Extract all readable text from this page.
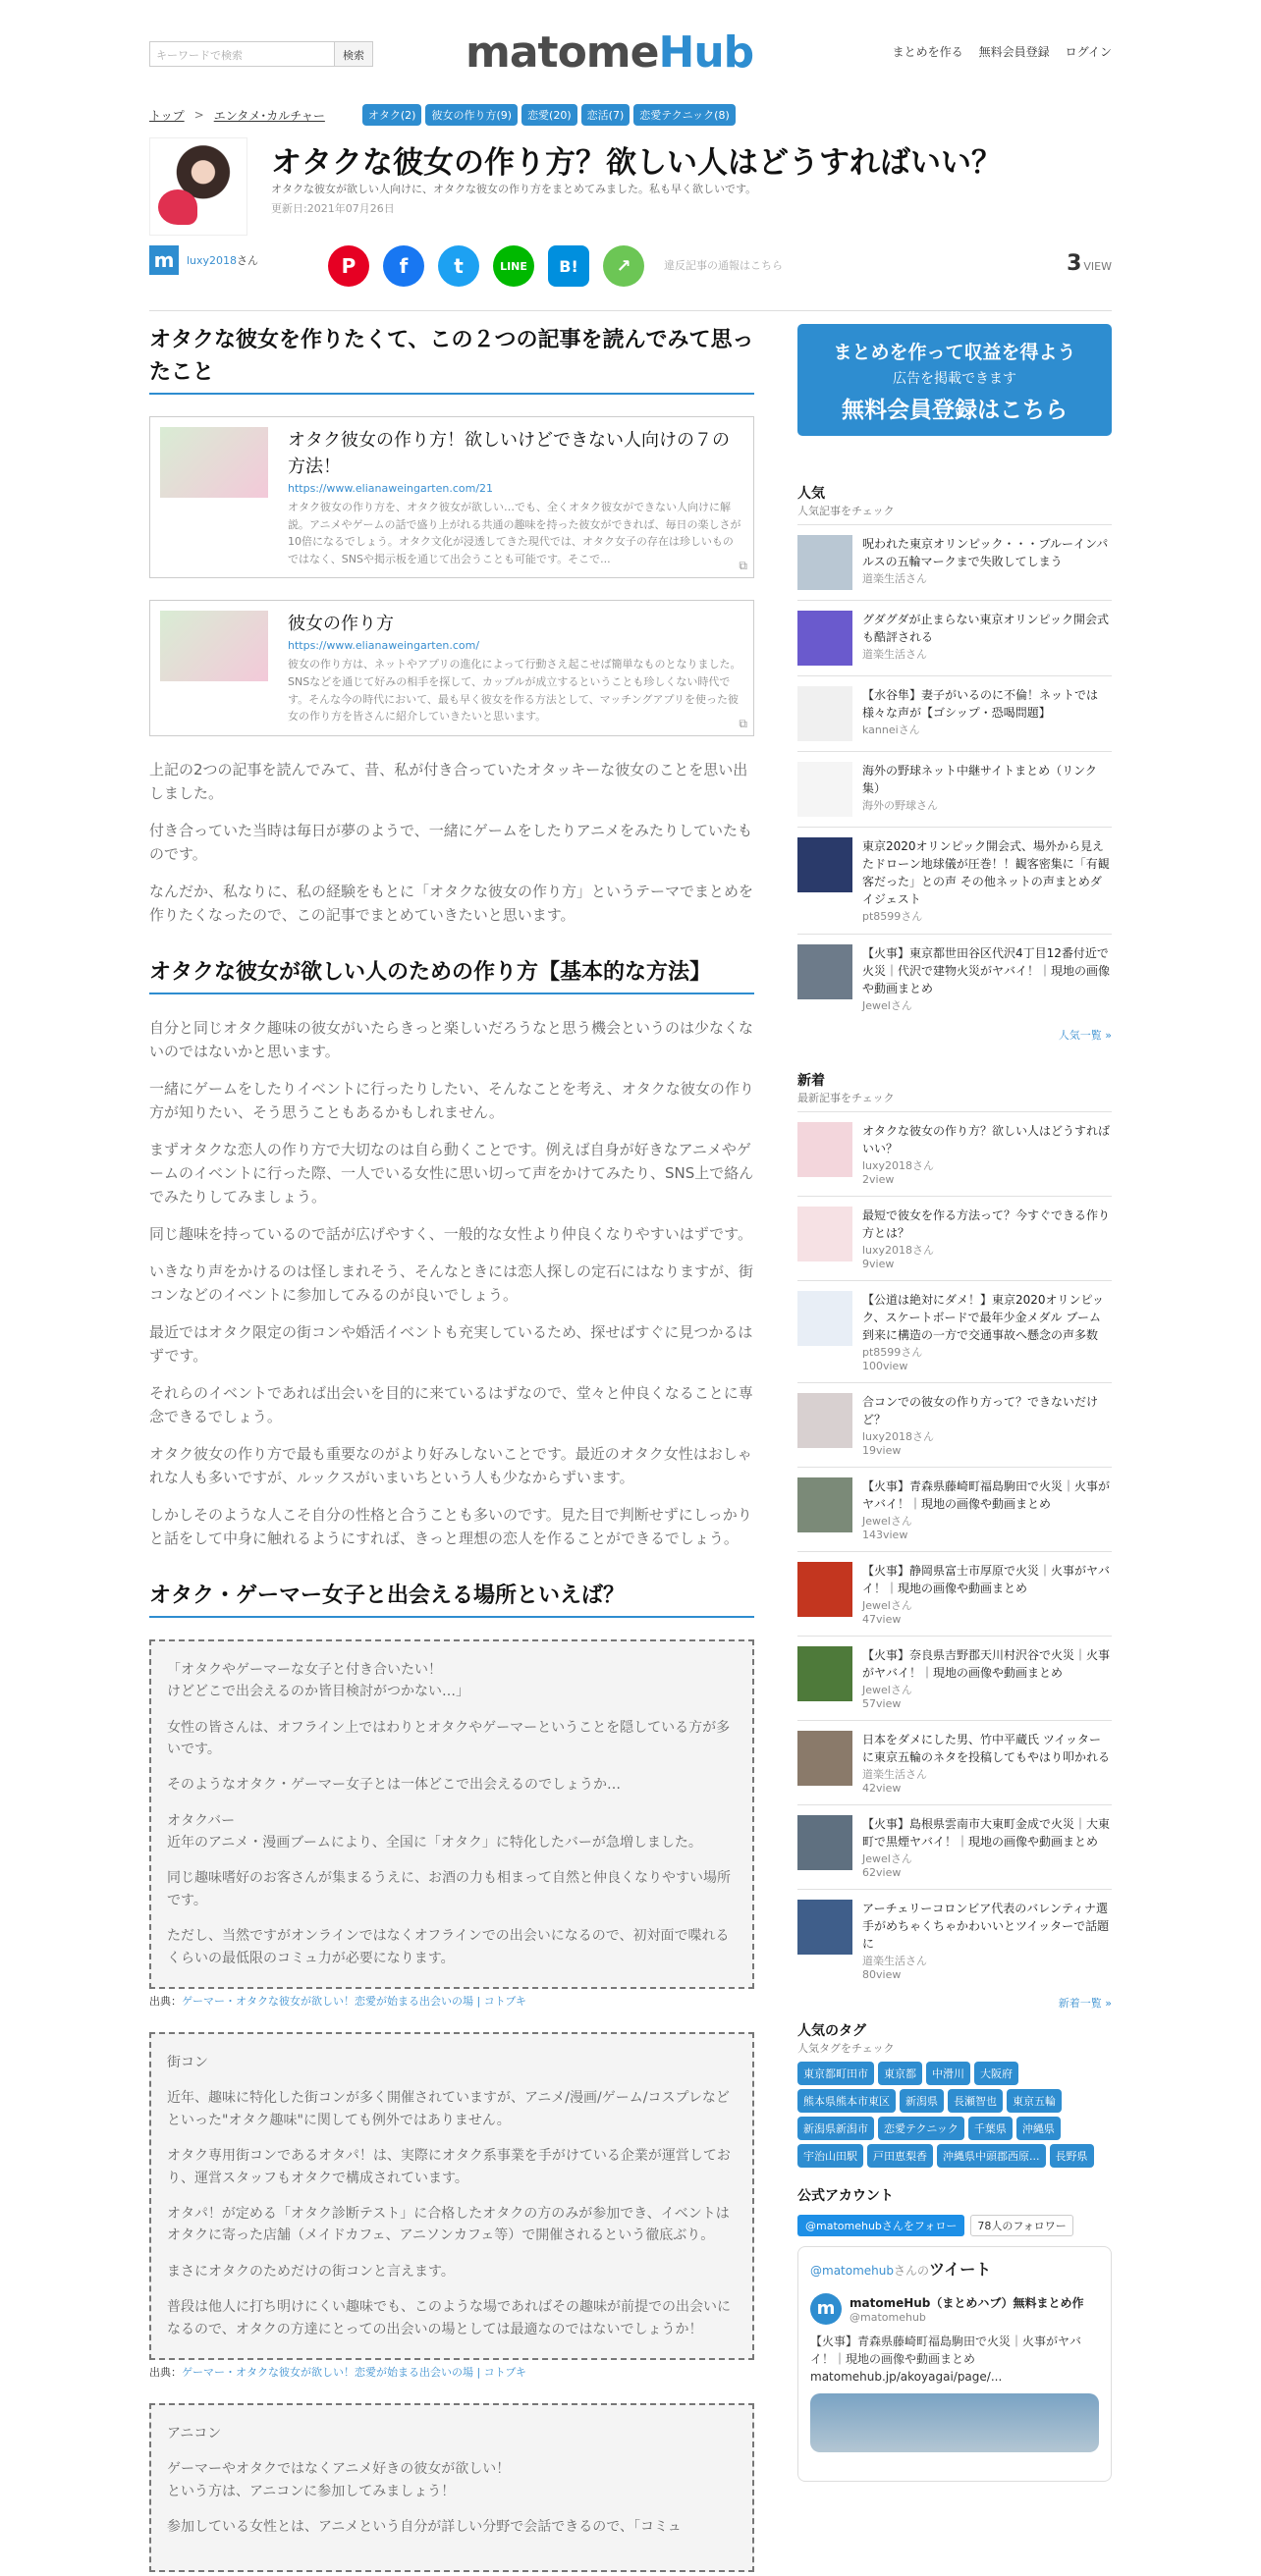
キーワードで検索	検索 matomeHub	まとめを作る 無料会員登録 ログイン
トップ > エンタメ･カルチャー	オタク(2)	彼女の作り方(9)	恋愛(20)	恋活(7)	恋愛テクニック(8)
オタクな彼女の作り方？欲しい人はどうすればいい？
オタクな彼女が欲しい人向けに、オタクな彼女の作り方をまとめてみました。私も早く欲しいです。
更新日:2021年07月26日
m	luxy2018さん	P	f	t	LINE	B!	↗	違反記事の通報はこちら	3 VIEW
オタクな彼女を作りたくて、この２つの記事を読んでみて思ったこと
オタク彼女の作り方！欲しいけどできない人向けの７の方法！
https://www.elianaweingarten.com/21
オタク彼女の作り方を、オタク彼女が欲しい…でも、全くオタク彼女ができない人向けに解説。アニメやゲームの話で盛り上がれる共通の趣味を持った彼女ができれば、毎日の楽しさが10倍になるでしょう。オタク文化が浸透してきた現代では、オタク女子の存在は珍しいものではなく、SNSや掲示板を通じて出会うことも可能です。そこで...
⧉
彼女の作り方
https://www.elianaweingarten.com/
彼女の作り方は、ネットやアプリの進化によって行動さえ起こせば簡単なものとなりました。SNSなどを通じて好みの相手を探して、カップルが成立するということも珍しくない時代です。そんな今の時代において、最も早く彼女を作る方法として、マッチングアプリを使った彼女の作り方を皆さんに紹介していきたいと思います。
⧉

上記の2つの記事を読んでみて、昔、私が付き合っていたオタッキーな彼女のことを思い出しました。

付き合っていた当時は毎日が夢のようで、一緒にゲームをしたりアニメをみたりしていたものです。

なんだか、私なりに、私の経験をもとに「オタクな彼女の作り方」というテーマでまとめを作りたくなったので、この記事でまとめていきたいと思います。

オタクな彼女が欲しい人のための作り方【基本的な方法】

自分と同じオタク趣味の彼女がいたらきっと楽しいだろうなと思う機会というのは少なくないのではないかと思います。

一緒にゲームをしたりイベントに行ったりしたい、そんなことを考え、オタクな彼女の作り方が知りたい、そう思うこともあるかもしれません。

まずオタクな恋人の作り方で大切なのは自ら動くことです。例えば自身が好きなアニメやゲームのイベントに行った際、一人でいる女性に思い切って声をかけてみたり、SNS上で絡んでみたりしてみましょう。

同じ趣味を持っているので話が広げやすく、一般的な女性より仲良くなりやすいはずです。

いきなり声をかけるのは怪しまれそう、そんなときには恋人探しの定石にはなりますが、街コンなどのイベントに参加してみるのが良いでしょう。

最近ではオタク限定の街コンや婚活イベントも充実しているため、探せばすぐに見つかるはずです。

それらのイベントであれば出会いを目的に来ているはずなので、堂々と仲良くなることに専念できるでしょう。

オタク彼女の作り方で最も重要なのがより好みしないことです。最近のオタク女性はおしゃれな人も多いですが、ルックスがいまいちという人も少なからずいます。

しかしそのような人こそ自分の性格と合うことも多いのです。見た目で判断せずにしっかりと話をして中身に触れるようにすれば、きっと理想の恋人を作ることができるでしょう。

オタク・ゲーマー女子と出会える場所といえば？

「オタクやゲーマーな女子と付き合いたい！
けどどこで出会えるのか皆目検討がつかない…」

女性の皆さんは、オフライン上ではわりとオタクやゲーマーということを隠している方が多いです。

そのようなオタク・ゲーマー女子とは一体どこで出会えるのでしょうか…

オタクバー
近年のアニメ・漫画ブームにより、全国に「オタク」に特化したバーが急増しました。

同じ趣味嗜好のお客さんが集まるうえに、お酒の力も相まって自然と仲良くなりやすい場所です。

ただし、当然ですがオンラインではなくオフラインでの出会いになるので、初対面で喋れるくらいの最低限のコミュ力が必要になります。

出典：ゲーマー・オタクな彼女が欲しい！恋愛が始まる出会いの場 | コトブキ

街コン

近年、趣味に特化した街コンが多く開催されていますが、アニメ/漫画/ゲーム/コスプレなどといった"オタク趣味"に関しても例外ではありません。

オタク専用街コンであるオタパ！は、実際にオタク系事業を手がけている企業が運営しており、運営スタッフもオタクで構成されています。

オタパ！が定める「オタク診断テスト」に合格したオタクの方のみが参加でき、イベントはオタクに寄った店舗（メイドカフェ、アニソンカフェ等）で開催されるという徹底ぶり。

まさにオタクのためだけの街コンと言えます。

普段は他人に打ち明けにくい趣味でも、このような場であればその趣味が前提での出会いになるので、オタクの方達にとっての出会いの場としては最適なのではないでしょうか！

出典：ゲーマー・オタクな彼女が欲しい！恋愛が始まる出会いの場 | コトブキ

アニコン

ゲーマーやオタクではなくアニメ好きの彼女が欲しい！
という方は、アニコンに参加してみましょう！

参加している女性とは、アニメという自分が詳しい分野で会話できるので、「コミュ

まとめを作って収益を得よう
広告を掲載できます
無料会員登録はこちら
人気
人気記事をチェック
呪われた東京オリンピック・・・ブルーインパルスの五輪マークまで失敗してしまう
道楽生活さん
グダグダが止まらない東京オリンピック開会式も酷評される
道楽生活さん
【水谷隼】妻子がいるのに不倫！ネットでは様々な声が【ゴシップ・恐喝問題】
kanneiさん
海外の野球ネット中継サイトまとめ（リンク集）
海外の野球さん
東京2020オリンピック開会式、場外から見えたドローン地球儀が圧巻！！観客密集に「有観客だった」との声 その他ネットの声まとめダイジェスト
pt8599さん
【火事】東京都世田谷区代沢4丁目12番付近で火災｜代沢で建物火災がヤバイ！｜現地の画像や動画まとめ
Jewelさん
人気一覧 »
新着
最新記事をチェック
オタクな彼女の作り方？欲しい人はどうすればいい？
luxy2018さん
2view
最短で彼女を作る方法って？今すぐできる作り方とは？
luxy2018さん
9view
【公道は絶対にダメ！】東京2020オリンピック、スケートボードで最年少金メダル ブーム到来に構造の一方で交通事故へ懸念の声多数
pt8599さん
100view
合コンでの彼女の作り方って？できないだけど？
luxy2018さん
19view
【火事】青森県藤崎町福島駒田で火災｜火事がヤバイ！｜現地の画像や動画まとめ
Jewelさん
143view
【火事】静岡県富士市厚原で火災｜火事がヤバイ！｜現地の画像や動画まとめ
Jewelさん
47view
【火事】奈良県吉野郡天川村沢谷で火災｜火事がヤバイ！｜現地の画像や動画まとめ
Jewelさん
57view
日本をダメにした男、竹中平蔵氏 ツイッターに東京五輪のネタを投稿してもやはり叩かれる
道楽生活さん
42view
【火事】島根県雲南市大東町金成で火災｜大東町で黒煙ヤバイ！｜現地の画像や動画まとめ
Jewelさん
62view
アーチェリーコロンビア代表のバレンティナ選手がめちゃくちゃかわいいとツイッターで話題に
道楽生活さん
80view
新着一覧 »
人気のタグ
人気タグをチェック
東京都町田市	東京都	中滑川	大阪府
熊本県熊本市東区	新潟県	長瀬智也	東京五輪
新潟県新潟市	恋愛テクニック	千葉県	沖縄県
宇治山田駅	戸田恵梨香	沖縄県中頭郡西原...	長野県
公式アカウント
@matomehubさんをフォロー	78人のフォロワー
@matomehubさんのツイート
m	matomeHub（まとめハブ）無料まとめ作
@matomehub
【火事】青森県藤崎町福島駒田で火災｜火事がヤバイ！｜現地の画像や動画まとめ
matomehub.jp/akoyagai/page/...
